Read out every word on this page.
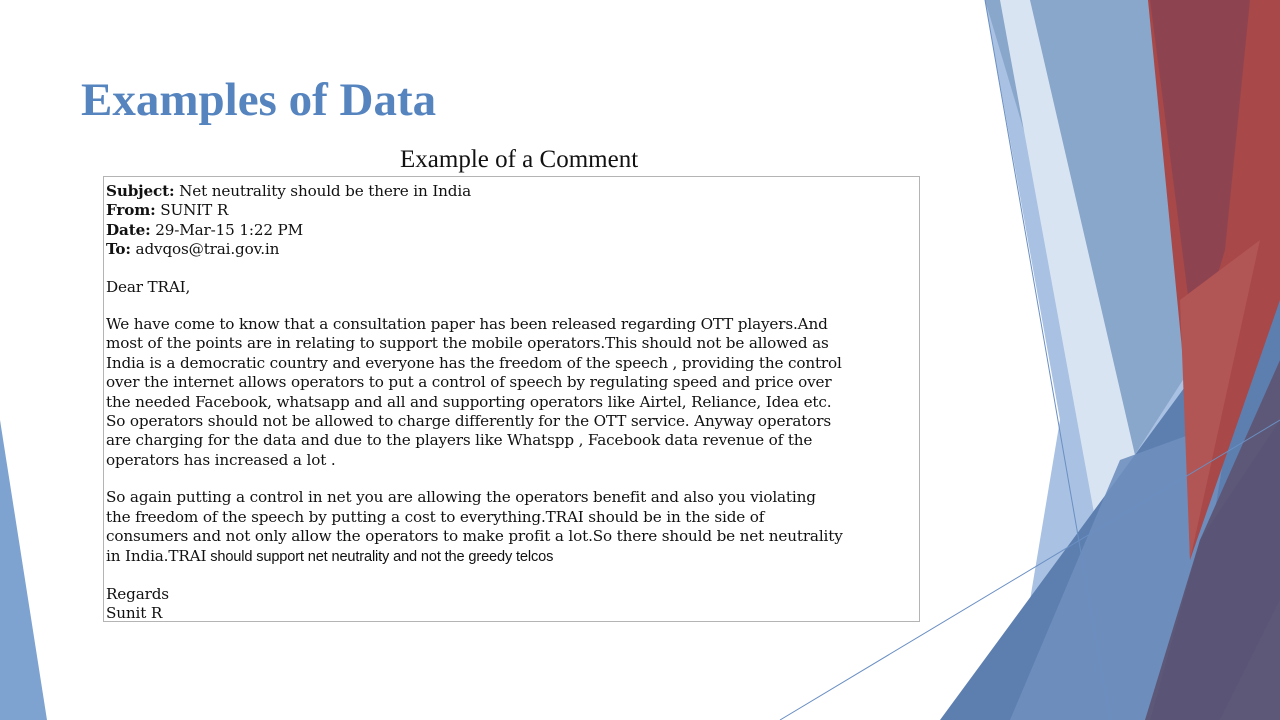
Examples of Data
Example of a Comment
Subject: Net neutrality should be there in India
From: SUNIT R
Date: 29-Mar-15 1:22 PM
To: advqos@trai.gov.in
Dear TRAI,
We have come to know that a consultation paper has been released regarding OTT players.And
most of the points are in relating to support the mobile operators.This should not be allowed as
India is a democratic country and everyone has the freedom of the speech , providing the control
over the internet allows operators to put a control of speech by regulating speed and price over
the needed Facebook, whatsapp and all and supporting operators like Airtel, Reliance, Idea etc.
So operators should not be allowed to charge differently for the OTT service. Anyway operators
are charging for the data and due to the players like Whatspp , Facebook data revenue of the
operators has increased a lot .
So again putting a control in net you are allowing the operators benefit and also you violating
the freedom of the speech by putting a cost to everything.TRAI should be in the side of
consumers and not only allow the operators to make profit a lot.So there should be net neutrality
in India.TRAI should support net neutrality and not the greedy telcos
Regards
Sunit R
